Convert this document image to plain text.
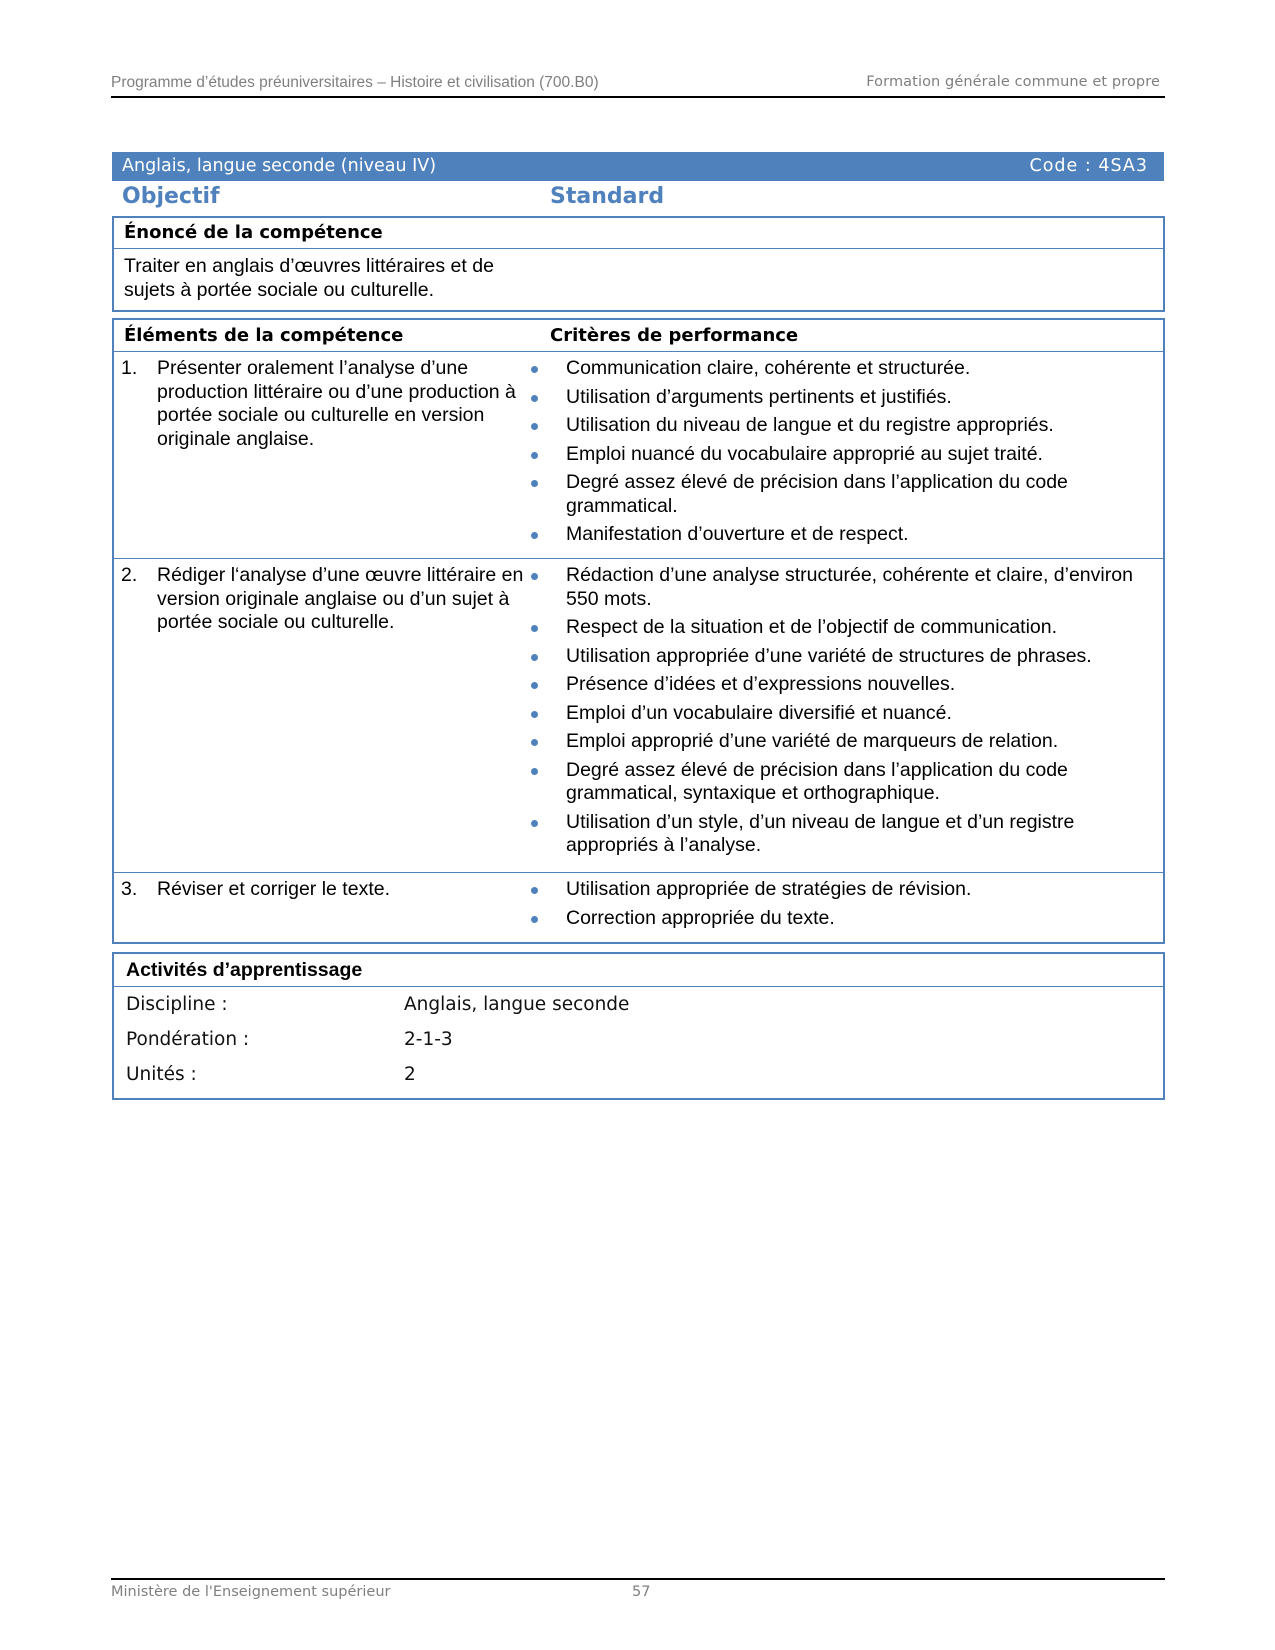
Programme d’études préuniversitaires – Histoire et civilisation (700.B0)	Formation générale commune et propre
Anglais, langue seconde (niveau IV)	Code : 4SA3
Objectif	Standard
Énoncé de la compétence
Traiter en anglais d’œuvres littéraires et de sujets à portée sociale ou culturelle.
Éléments de la compétence	Critères de performance
1. Présenter oralement l’analyse d’une production littéraire ou d’une production à portée sociale ou culturelle en version originale anglaise.
Communication claire, cohérente et structurée.
Utilisation d’arguments pertinents et justifiés.
Utilisation du niveau de langue et du registre appropriés.
Emploi nuancé du vocabulaire approprié au sujet traité.
Degré assez élevé de précision dans l’application du code grammatical.
Manifestation d’ouverture et de respect.
2. Rédiger l‘analyse d’une œuvre littéraire en version originale anglaise ou d’un sujet à portée sociale ou culturelle.
Rédaction d’une analyse structurée, cohérente et claire, d’environ 550 mots.
Respect de la situation et de l’objectif de communication.
Utilisation appropriée d’une variété de structures de phrases.
Présence d’idées et d’expressions nouvelles.
Emploi d’un vocabulaire diversifié et nuancé.
Emploi approprié d’une variété de marqueurs de relation.
Degré assez élevé de précision dans l’application du code grammatical, syntaxique et orthographique.
Utilisation d’un style, d’un niveau de langue et d’un registre appropriés à l’analyse.
3. Réviser et corriger le texte.	Utilisation appropriée de stratégies de révision.
Correction appropriée du texte.
Activités d’apprentissage
Discipline :	Anglais, langue seconde
Pondération :	2-1-3
Unités :	2
Ministère de l'Enseignement supérieur	57
